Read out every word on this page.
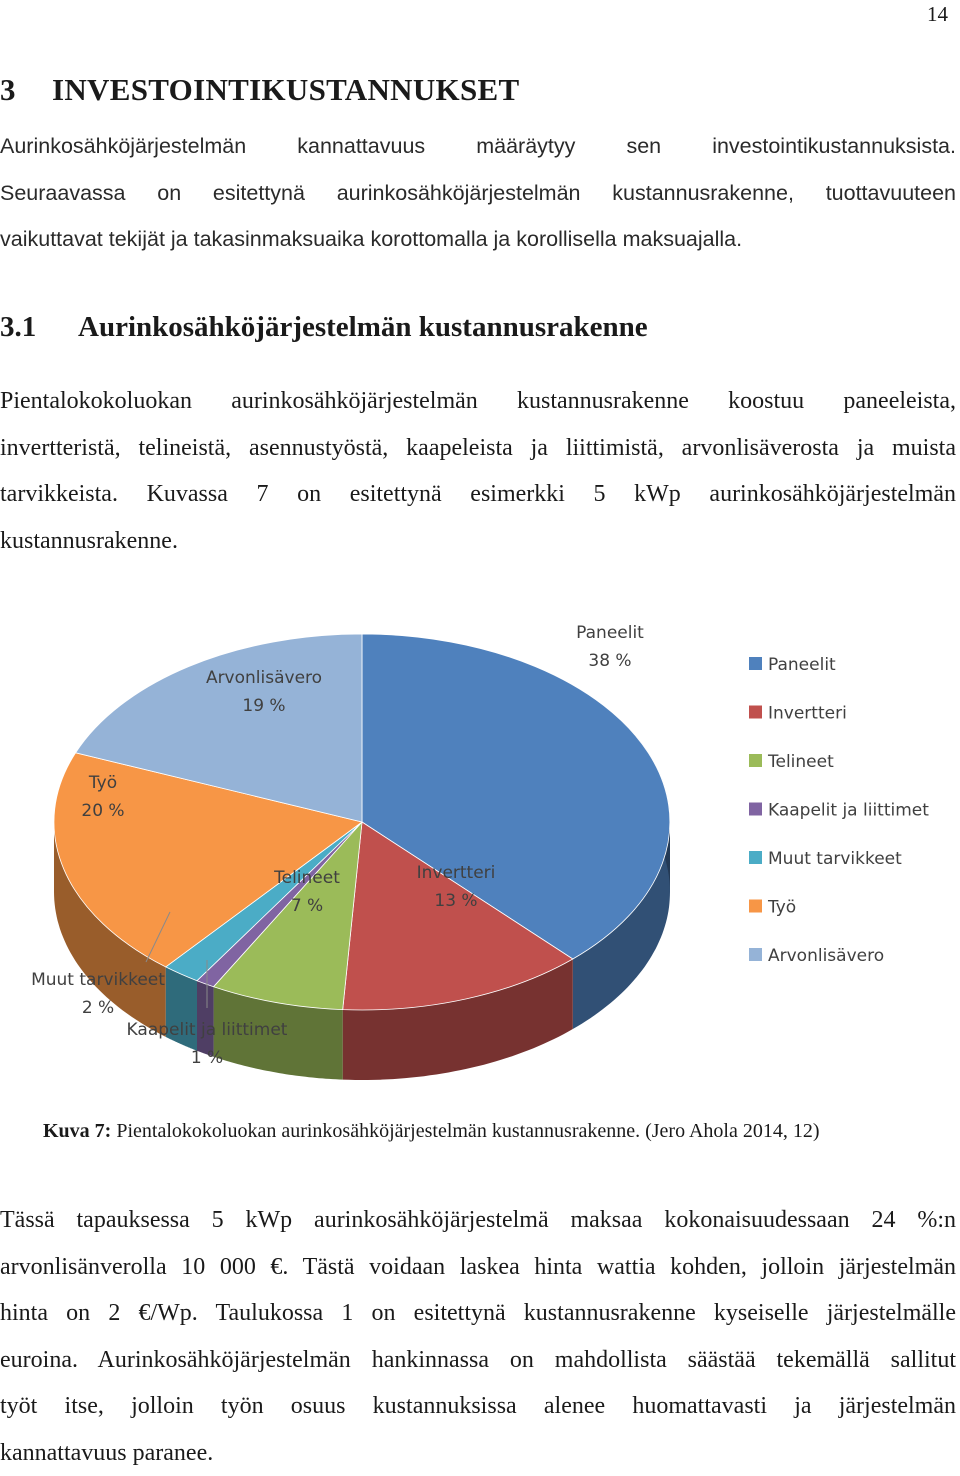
14
3 INVESTOINTIKUSTANNUKSET
Aurinkosähköjärjestelmän kannattavuus määräytyy sen investointikustannuksista.
Seuraavassa on esitettynä aurinkosähköjärjestelmän kustannusrakenne, tuottavuuteen
vaikuttavat tekijät ja takasinmaksuaika korottomalla ja korollisella maksuajalla.
3.1 Aurinkosähköjärjestelmän kustannusrakenne
Pientalokokoluokan aurinkosähköjärjestelmän kustannusrakenne koostuu paneeleista,
invertteristä, telineistä, asennustyöstä, kaapeleista ja liittimistä, arvonlisäverosta ja muista
tarvikkeista. Kuvassa 7 on esitettynä esimerkki 5 kWp aurinkosähköjärjestelmän
kustannusrakenne.
Paneelit
38 %
Invertteri
13 %
Telineet
7 %
Kaapelit ja liittimet
1 %
Muut tarvikkeet
2 %
Työ
20 %
Arvonlisävero
19 %
Paneelit
Invertteri
Telineet
Kaapelit ja liittimet
Muut tarvikkeet
Työ
Arvonlisävero
Kuva 7: Pientalokokoluokan aurinkosähköjärjestelmän kustannusrakenne. (Jero Ahola 2014, 12)
Tässä tapauksessa 5 kWp aurinkosähköjärjestelmä maksaa kokonaisuudessaan 24 %:n
arvonlisänverolla 10 000 €. Tästä voidaan laskea hinta wattia kohden, jolloin järjestelmän
hinta on 2 €/Wp. Taulukossa 1 on esitettynä kustannusrakenne kyseiselle järjestelmälle
euroina. Aurinkosähköjärjestelmän hankinnassa on mahdollista säästää tekemällä sallitut
työt itse, jolloin työn osuus kustannuksissa alenee huomattavasti ja järjestelmän
kannattavuus paranee.
